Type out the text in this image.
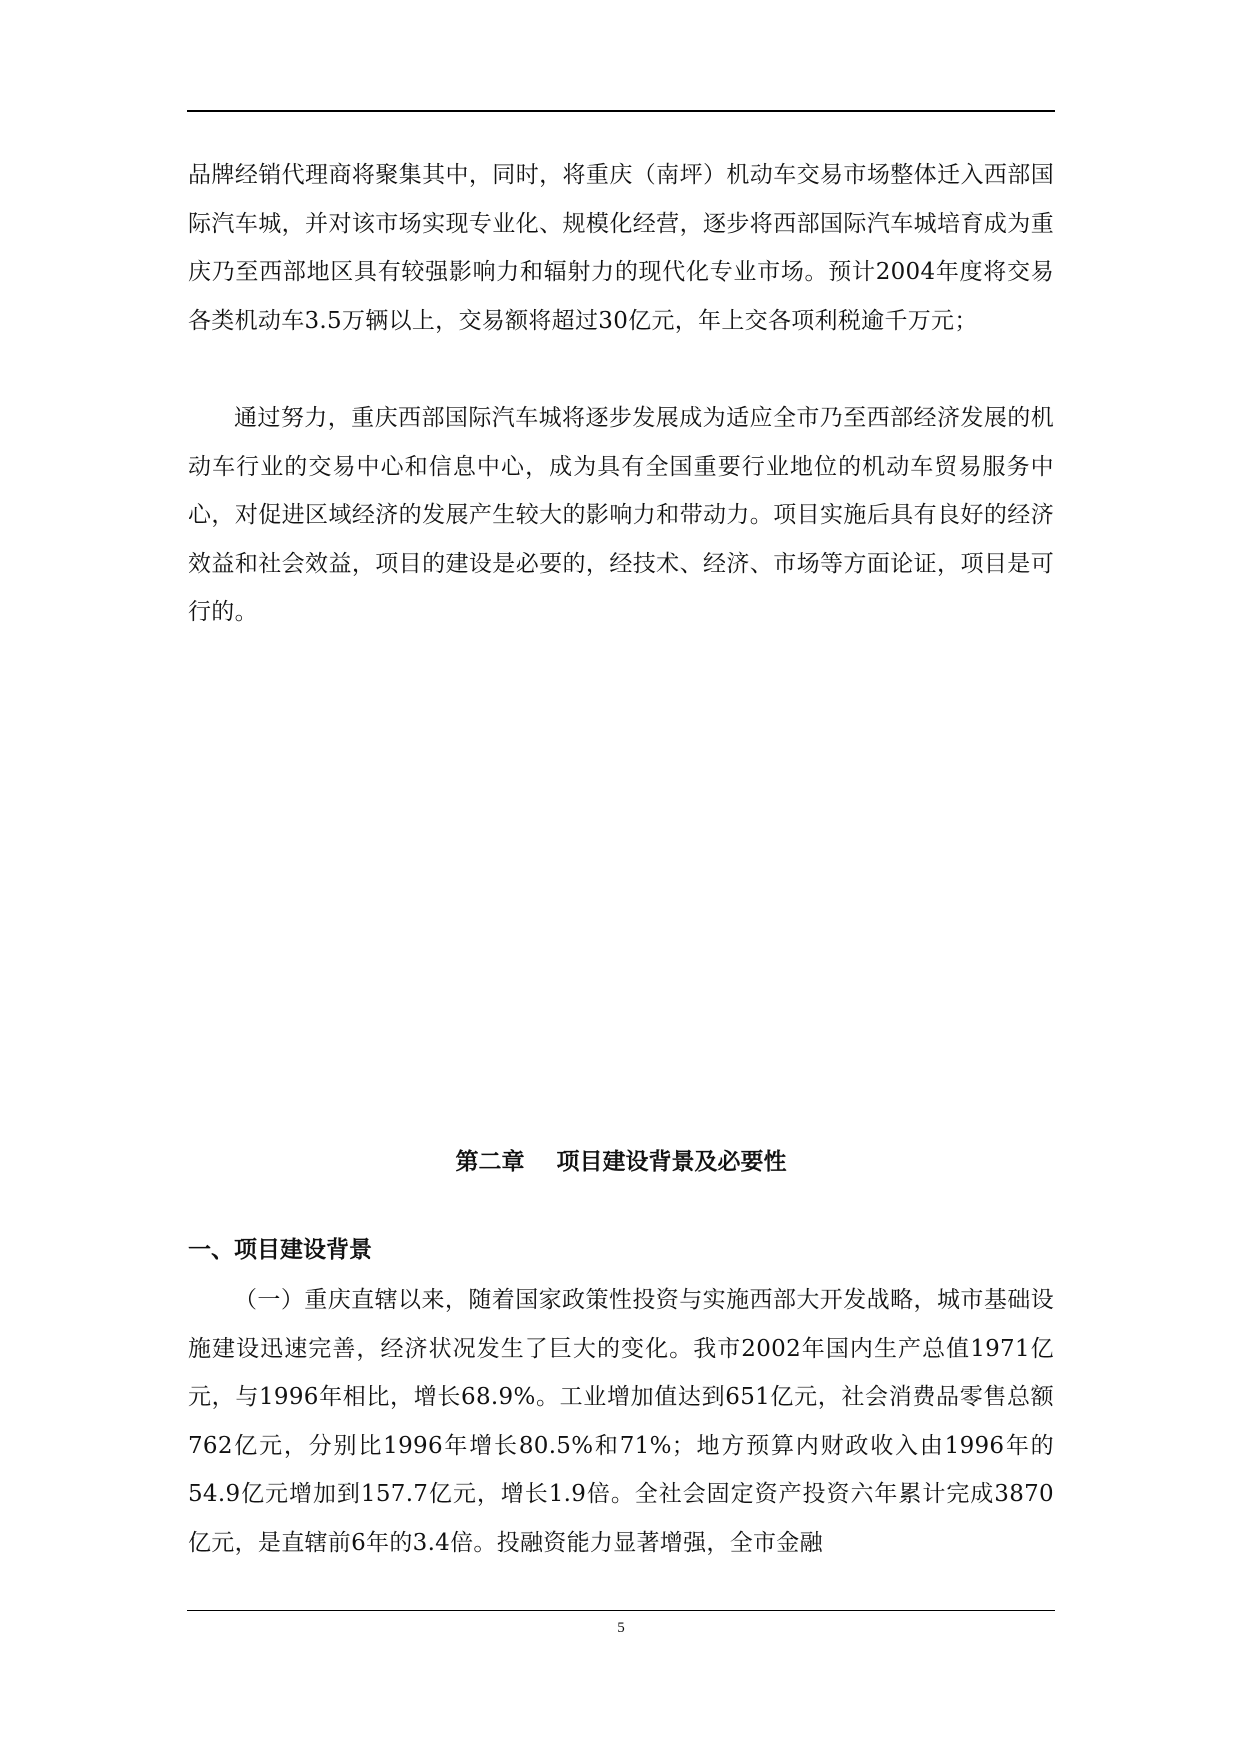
品牌经销代理商将聚集其中，同时，将重庆（南坪）机动车交易市场整体迁入西部国际汽车城，并对该市场实现专业化、规模化经营，逐步将西部国际汽车城培育成为重庆乃至西部地区具有较强影响力和辐射力的现代化专业市场。预计2004年度将交易各类机动车3.5万辆以上，交易额将超过30亿元，年上交各项利税逾千万元；

通过努力，重庆西部国际汽车城将逐步发展成为适应全市乃至西部经济发展的机动车行业的交易中心和信息中心，成为具有全国重要行业地位的机动车贸易服务中心，对促进区域经济的发展产生较大的影响力和带动力。项目实施后具有良好的经济效益和社会效益，项目的建设是必要的，经技术、经济、市场等方面论证，项目是可行的。

第二章    项目建设背景及必要性
一、项目建设背景

（一）重庆直辖以来，随着国家政策性投资与实施西部大开发战略，城市基础设施建设迅速完善，经济状况发生了巨大的变化。我市2002年国内生产总值1971亿元，与1996年相比，增长68.9%。工业增加值达到651亿元，社会消费品零售总额762亿元，分别比1996年增长80.5%和71%；地方预算内财政收入由1996年的54.9亿元增加到157.7亿元，增长1.9倍。全社会固定资产投资六年累计完成3870亿元，是直辖前6年的3.4倍。投融资能力显著增强，全市金融

5
